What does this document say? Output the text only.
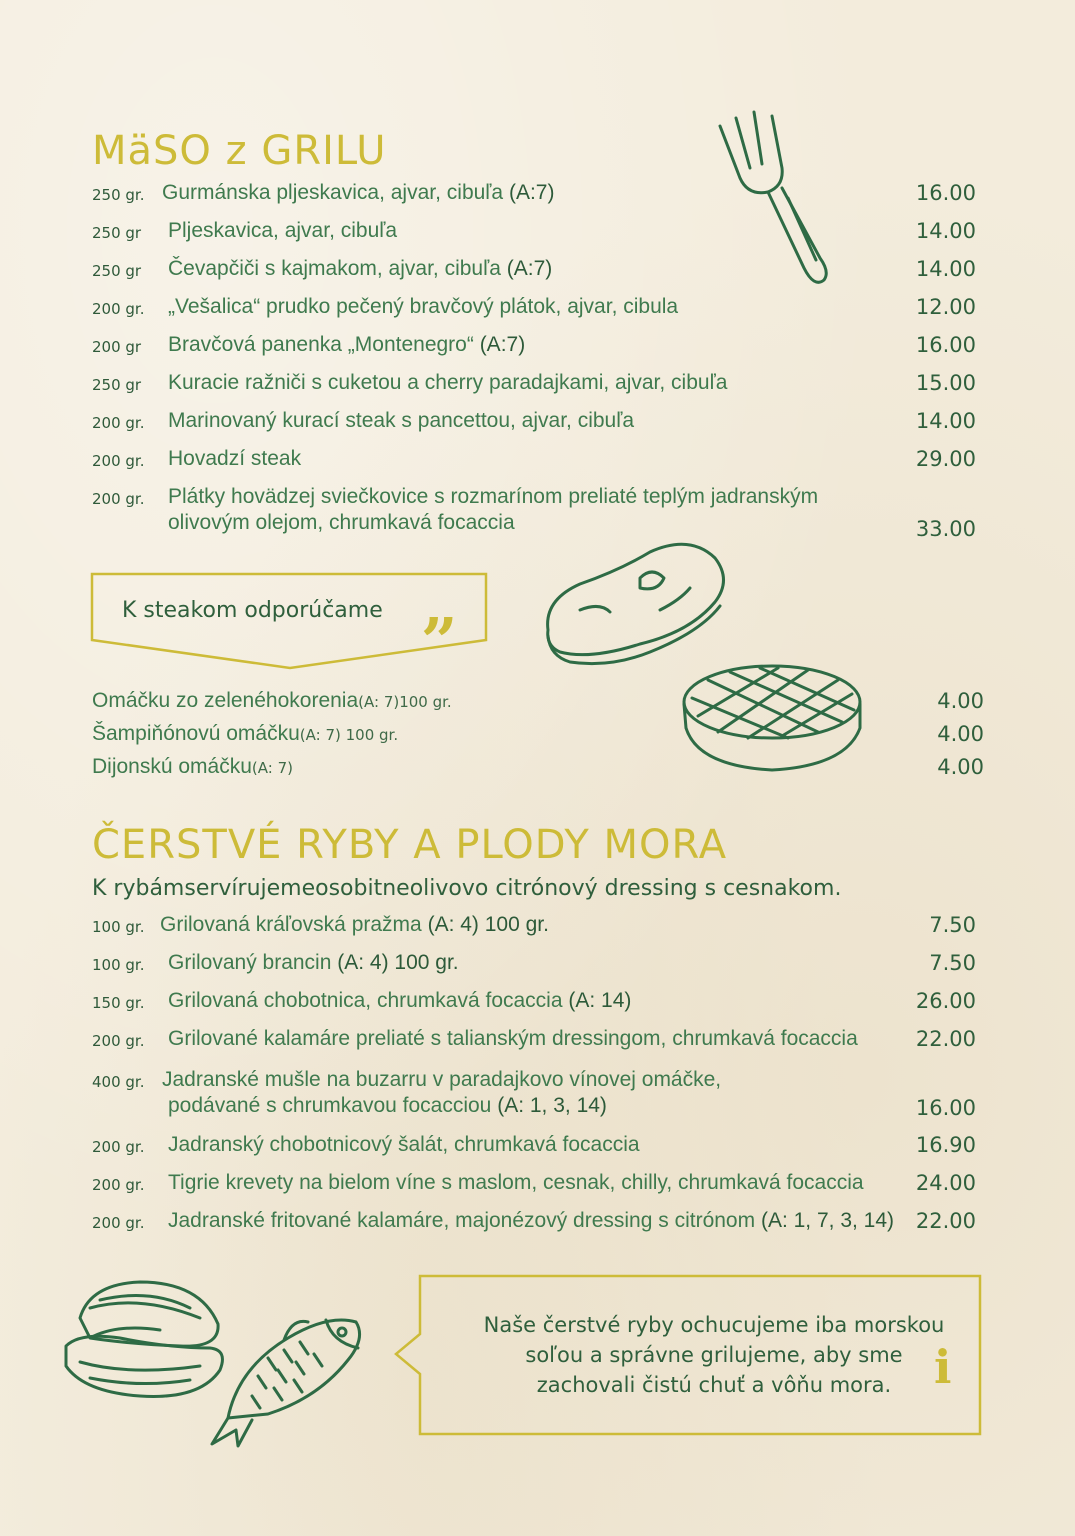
MäSO z GRILU
250 gr. Gurmánska pljeskavica, ajvar, cibuľa (A:7)	16.00
250 gr Pljeskavica, ajvar, cibuľa	14.00
250 gr Čevapčiči s kajmakom, ajvar, cibuľa (A:7)	14.00
200 gr. „Vešalica“ prudko pečený bravčový plátok, ajvar, cibula	12.00
200 gr Bravčová panenka „Montenegro“ (A:7)	16.00
250 gr Kuracie ražniči s cuketou a cherry paradajkami, ajvar, cibuľa	15.00
200 gr. Marinovaný kurací steak s pancettou, ajvar, cibuľa	14.00
200 gr. Hovadzí steak	29.00
200 gr. Plátky hovädzej sviečkovice s rozmarínom preliaté teplým jadranským
olivovým olejom, chrumkavá focaccia	33.00
K steakom odporúčame “
Omáčku zo zelenéhokorenia(A: 7)100 gr.	4.00
Šampiňónovú omáčku(A: 7) 100 gr.	4.00
Dijonskú omáčku(A: 7)	4.00
ČERSTVÉ RYBY A PLODY MORA
K rybámservírujemeosobitneolivovo citrónový dressing s cesnakom.
100 gr. Grilovaná kráľovská pražma (A: 4) 100 gr.	7.50
100 gr. Grilovaný brancin (A: 4) 100 gr.	7.50
150 gr. Grilovaná chobotnica, chrumkavá focaccia (A: 14)	26.00
200 gr. Grilované kalamáre preliaté s talianským dressingom, chrumkavá focaccia	22.00
400 gr. Jadranské mušle na buzarru v paradajkovo vínovej omáčke,
podávané s chrumkavou focacciou (A: 1, 3, 14)	16.00
200 gr. Jadranský chobotnicový šalát, chrumkavá focaccia	16.90
200 gr. Tigrie krevety na bielom víne s maslom, cesnak, chilly, chrumkavá focaccia 24.00
200 gr. Jadranské fritované kalamáre, majonézový dressing s citrónom (A: 1, 7, 3, 14) 22.00
Naše čerstvé ryby ochucujeme iba morskou
soľou a správne grilujeme, aby sme
zachovali čistú chuť a vôňu mora. i
